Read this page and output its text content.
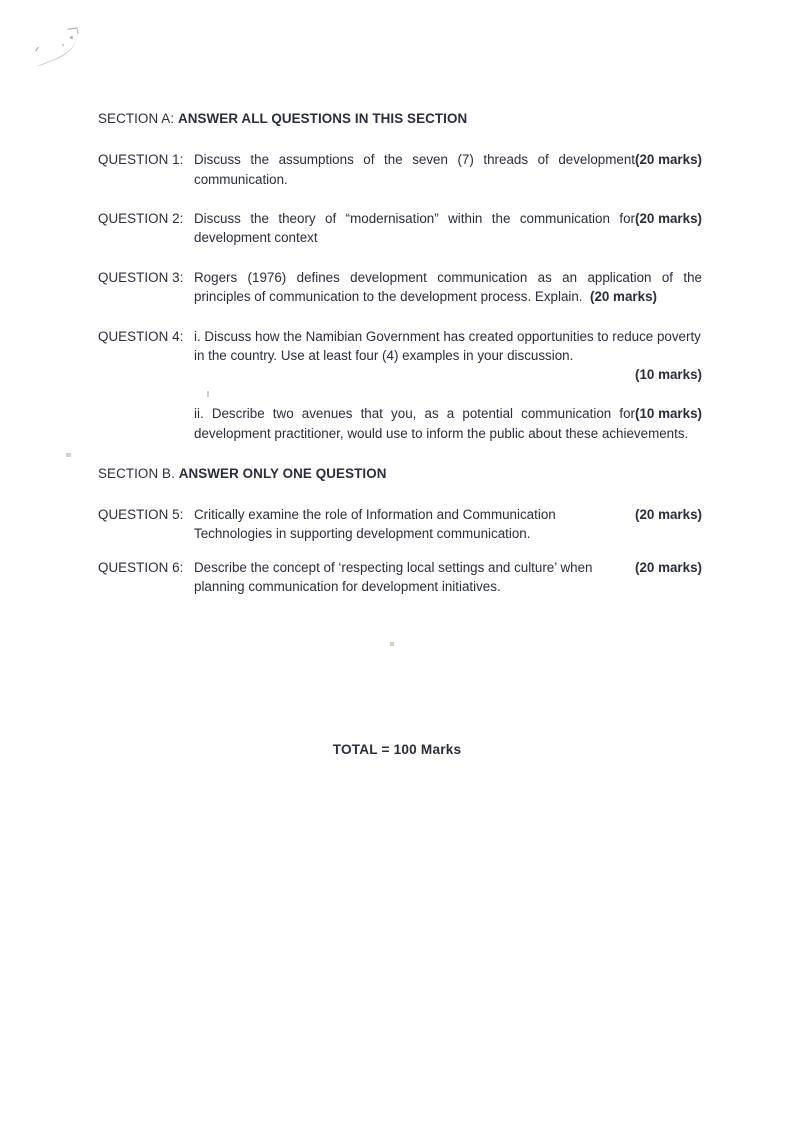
SECTION A: ANSWER ALL QUESTIONS IN THIS SECTION
QUESTION 1:	(20 marks)
Discuss the assumptions of the seven (7) threads of development communication.

QUESTION 2:	(20 marks)
Discuss the theory of “modernisation” within the communication for development context

QUESTION 3: Rogers (1976) defines development communication as an application of the principles of communication to the development process. Explain. (20 marks)

QUESTION 4: i. Discuss how the Namibian Government has created opportunities to reduce poverty in the country. Use at least four (4) examples in your discussion.

(10 marks)

(10 marks)
ii. Describe two avenues that you, as a potential communication for development practitioner, would use to inform the public about these achievements.

SECTION B. ANSWER ONLY ONE QUESTION
QUESTION 5:	(20 marks)
Critically examine the role of Information and Communication Technologies in supporting development communication.

QUESTION 6:	(20 marks)
Describe the concept of ‘respecting local settings and culture’ when planning communication for development initiatives.

TOTAL = 100 Marks
